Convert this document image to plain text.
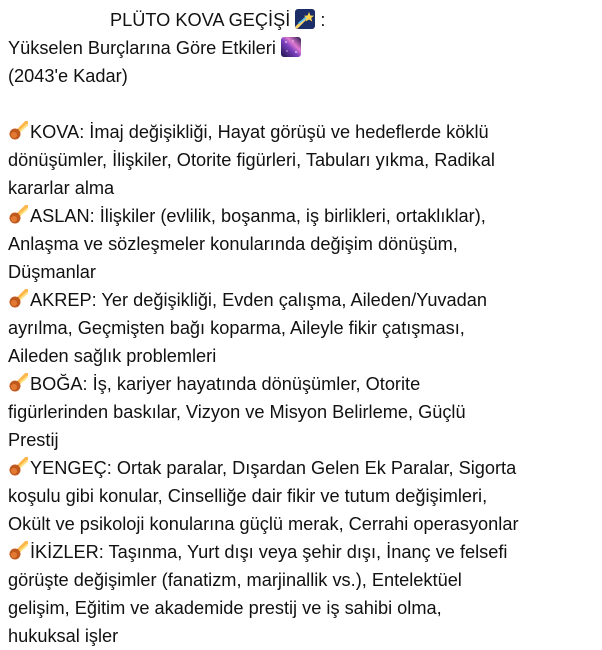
PLÜTO KOVA GEÇİŞİ :
Yükselen Burçlarına Göre Etkileri
(2043'e Kadar)
KOVA: İmaj değişikliği, Hayat görüşü ve hedeflerde köklü
dönüşümler, İlişkiler, Otorite figürleri, Tabuları yıkma, Radikal
kararlar alma
ASLAN: İlişkiler (evlilik, boşanma, iş birlikleri, ortaklıklar),
Anlaşma ve sözleşmeler konularında değişim dönüşüm,
Düşmanlar
AKREP: Yer değişikliği, Evden çalışma, Aileden/Yuvadan
ayrılma, Geçmişten bağı koparma, Aileyle fikir çatışması,
Aileden sağlık problemleri
BOĞA: İş, kariyer hayatında dönüşümler, Otorite
figürlerinden baskılar, Vizyon ve Misyon Belirleme, Güçlü
Prestij
YENGEÇ: Ortak paralar, Dışardan Gelen Ek Paralar, Sigorta
koşulu gibi konular, Cinselliğe dair fikir ve tutum değişimleri,
Okült ve psikoloji konularına güçlü merak, Cerrahi operasyonlar
İKİZLER: Taşınma, Yurt dışı veya şehir dışı, İnanç ve felsefi
görüşte değişimler (fanatizm, marjinallik vs.), Entelektüel
gelişim, Eğitim ve akademide prestij ve iş sahibi olma,
hukuksal işler
